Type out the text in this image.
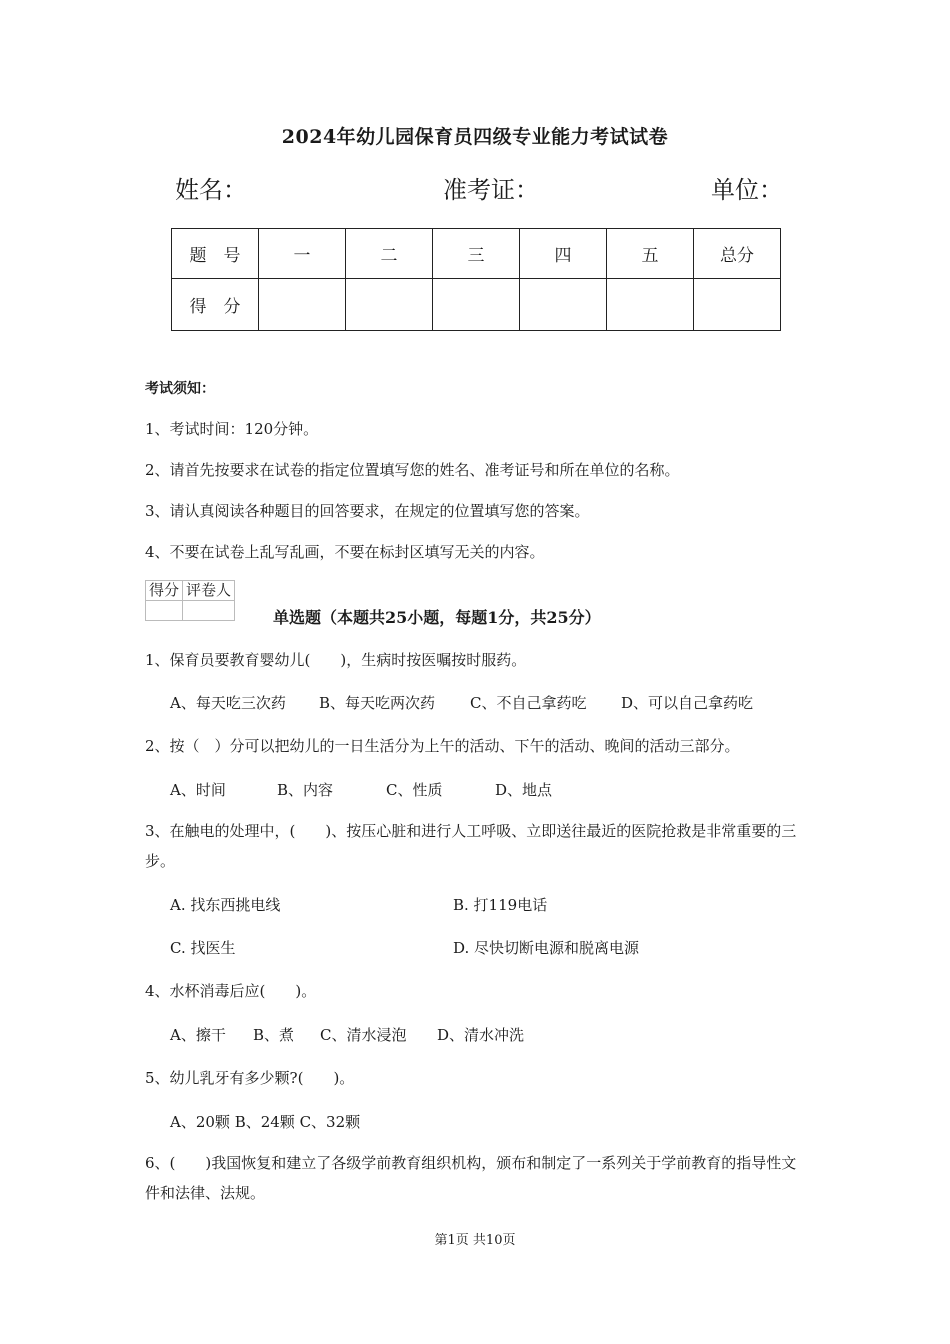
2024年幼儿园保育员四级专业能力考试试卷
姓名：	准考证：	单位：
题　号	一	二	三	四	五	总分
得　分						
考试须知：
1、考试时间：120分钟。
2、请首先按要求在试卷的指定位置填写您的姓名、准考证号和所在单位的名称。
3、请认真阅读各种题目的回答要求，在规定的位置填写您的答案。
4、不要在试卷上乱写乱画，不要在标封区填写无关的内容。
得分	评卷人

单选题（本题共25小题，每题1分，共25分）
1、保育员要教育婴幼儿(　　)，生病时按医嘱按时服药。
A、每天吃三次药 B、每天吃两次药 C、不自己拿药吃 D、可以自己拿药吃
2、按（　）分可以把幼儿的一日生活分为上午的活动、下午的活动、晚间的活动三部分。
A、时间	B、内容	C、性质	D、地点
3、在触电的处理中，(　　)、按压心脏和进行人工呼吸、立即送往最近的医院抢救是非常重要的三步。
A. 找东西挑电线	B. 打119电话
C. 找医生	D. 尽快切断电源和脱离电源
4、水杯消毒后应(　　)。
A、擦干 B、煮 C、清水浸泡 D、清水冲洗
5、幼儿乳牙有多少颗?(　　)。
A、20颗 B、24颗 C、32颗
6、(　　)我国恢复和建立了各级学前教育组织机构，颁布和制定了一系列关于学前教育的指导性文件和法律、法规。
第1页 共10页
